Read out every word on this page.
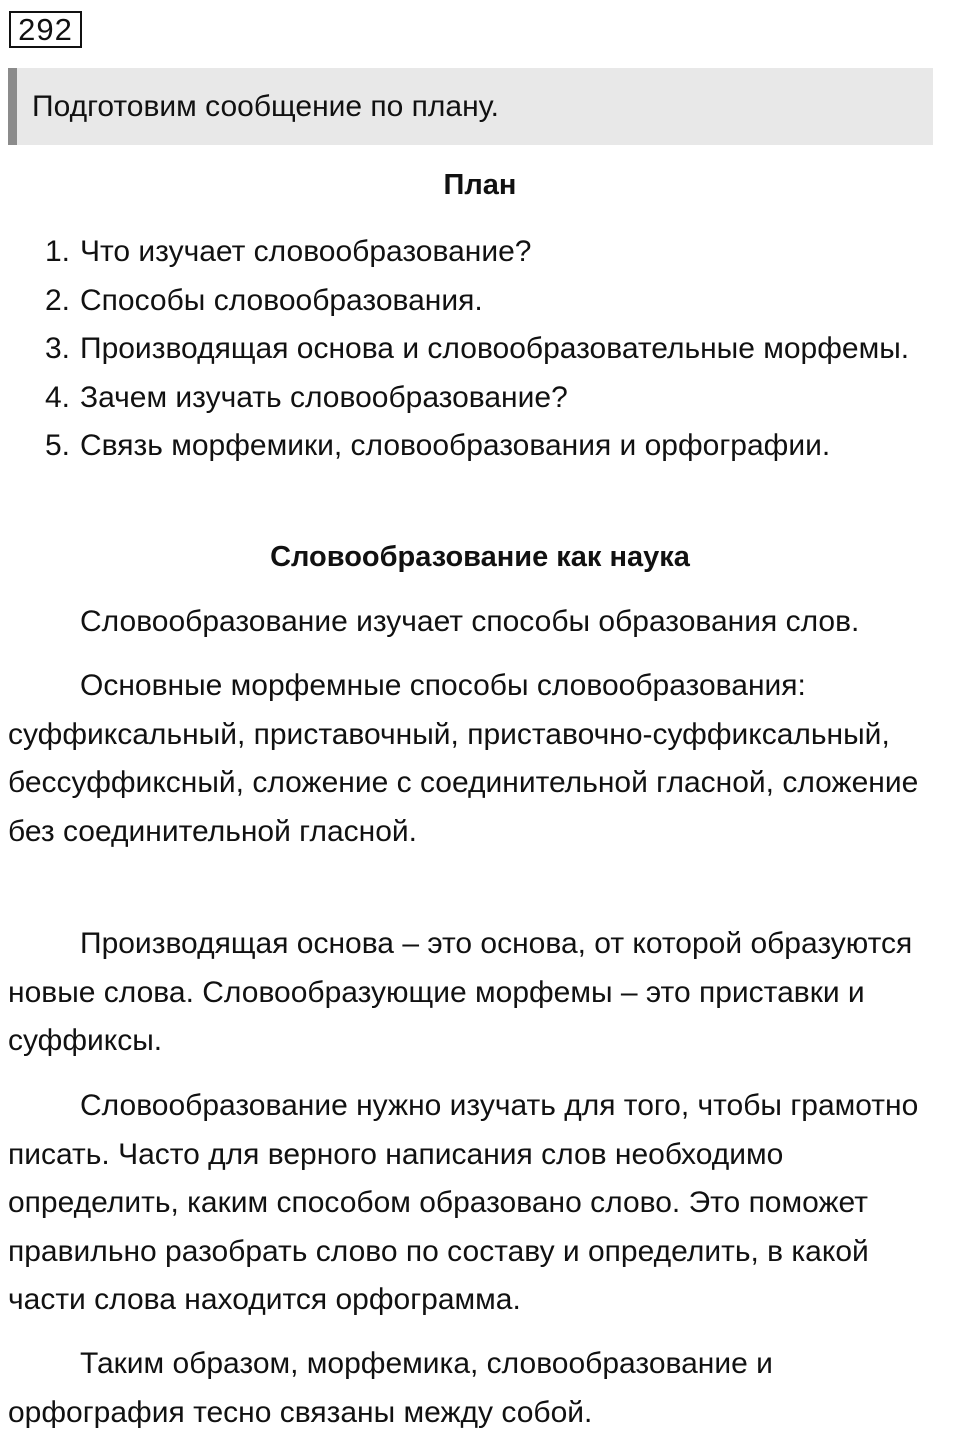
292
Подготовим сообщение по плану.
План
1. Что изучает словообразование?
2. Способы словообразования.
3. Производящая основа и словообразовательные морфемы.
4. Зачем изучать словообразование?
5. Связь морфемики, словообразования и орфографии.
Словообразование как наука

Словообразование изучает способы образования слов.

Основные морфемные способы словообразования: суффиксальный, приставочный, приставочно-суффиксальный, бессуффиксный, сложение с соединительной гласной, сложение без соединительной гласной.

Производящая основа – это основа, от которой образуются новые слова. Словообразующие морфемы – это приставки и суффиксы.

Словообразование нужно изучать для того, чтобы грамотно писать. Часто для верного написания слов необходимо определить, каким способом образовано слово. Это поможет правильно разобрать слово по составу и определить, в какой части слова находится орфограмма.

Таким образом, морфемика, словообразование и орфография тесно связаны между собой.
